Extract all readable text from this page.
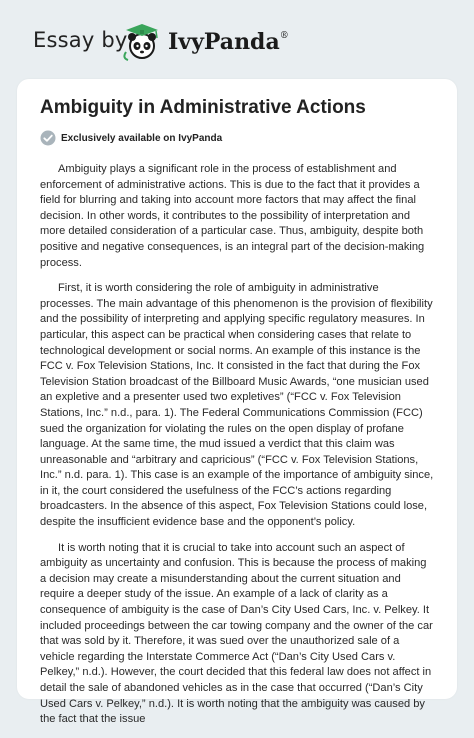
Essay by IvyPanda®
Ambiguity in Administrative Actions
Exclusively available on IvyPanda

Ambiguity plays a significant role in the process of establishment and enforcement of administrative actions. This is due to the fact that it provides a field for blurring and taking into account more factors that may affect the final decision. In other words, it contributes to the possibility of interpretation and more detailed consideration of a particular case. Thus, ambiguity, despite both positive and negative consequences, is an integral part of the decision-making process.

First, it is worth considering the role of ambiguity in administrative processes. The main advantage of this phenomenon is the provision of flexibility and the possibility of interpreting and applying specific regulatory measures. In particular, this aspect can be practical when considering cases that relate to technological development or social norms. An example of this instance is the FCC v. Fox Television Stations, Inc. It consisted in the fact that during the Fox Television Station broadcast of the Billboard Music Awards, “one musician used an expletive and a presenter used two expletives” (“FCC v. Fox Television Stations, Inc.” n.d., para. 1). The Federal Communications Commission (FCC) sued the organization for violating the rules on the open display of profane language. At the same time, the mud issued a verdict that this claim was unreasonable and “arbitrary and capricious” (“FCC v. Fox Television Stations, Inc.” n.d. para. 1). This case is an example of the importance of ambiguity since, in it, the court considered the usefulness of the FCC’s actions regarding broadcasters. In the absence of this aspect, Fox Television Stations could lose, despite the insufficient evidence base and the opponent’s policy.

It is worth noting that it is crucial to take into account such an aspect of ambiguity as uncertainty and confusion. This is because the process of making a decision may create a misunderstanding about the current situation and require a deeper study of the issue. An example of a lack of clarity as a consequence of ambiguity is the case of Dan’s City Used Cars, Inc. v. Pelkey. It included proceedings between the car towing company and the owner of the car that was sold by it. Therefore, it was sued over the unauthorized sale of a vehicle regarding the Interstate Commerce Act (“Dan’s City Used Cars v. Pelkey,” n.d.). However, the court decided that this federal law does not affect in detail the sale of abandoned vehicles as in the case that occurred (“Dan’s City Used Cars v. Pelkey,” n.d.). It is worth noting that the ambiguity was caused by the fact that the issue
